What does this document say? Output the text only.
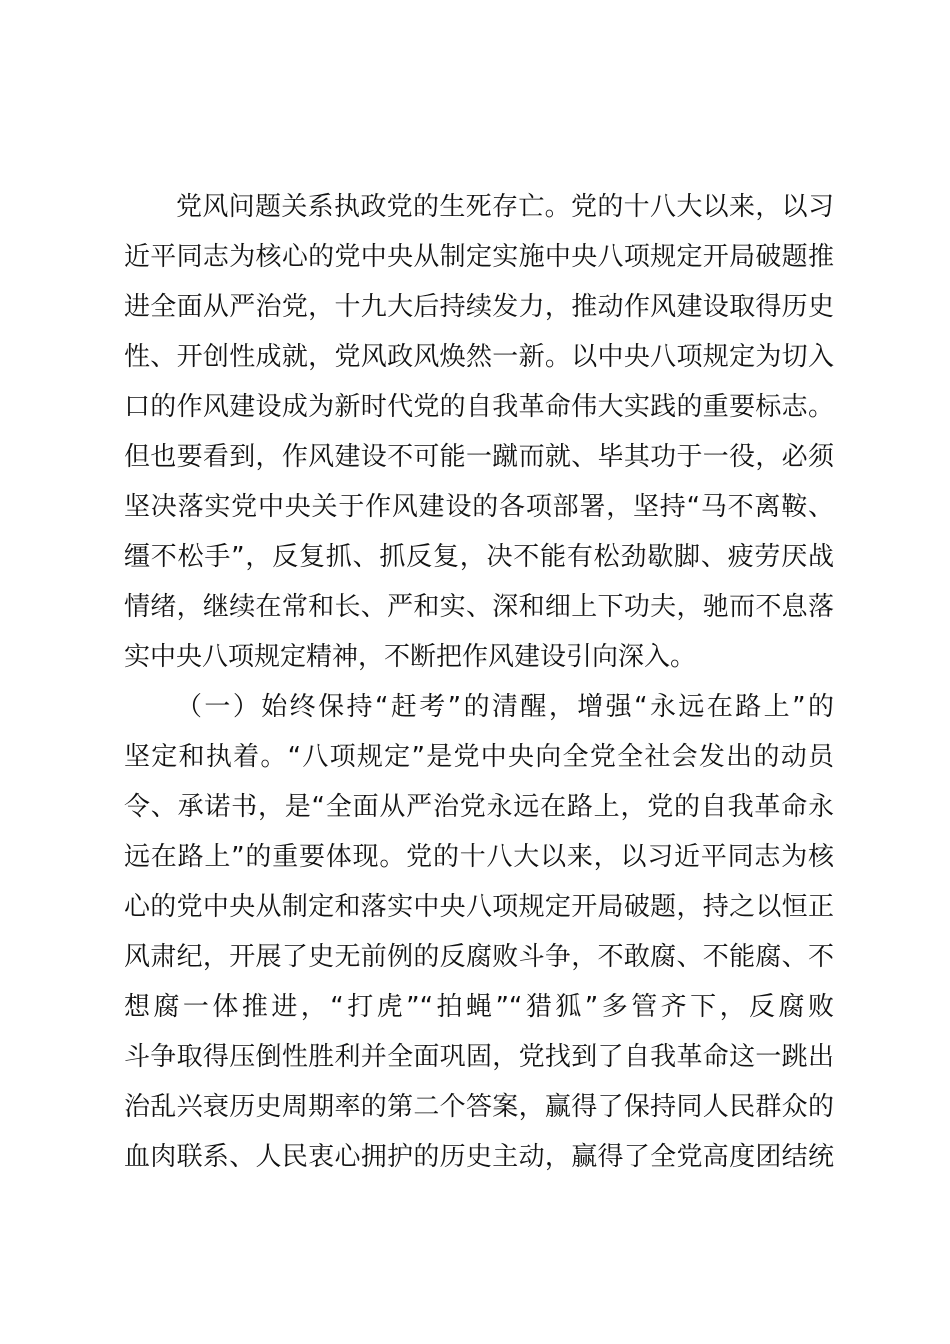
党风问题关系执政党的生死存亡。党的十八大以来，以习
近平同志为核心的党中央从制定实施中央八项规定开局破题推
进全面从严治党，十九大后持续发力，推动作风建设取得历史
性、开创性成就，党风政风焕然一新。以中央八项规定为切入
口的作风建设成为新时代党的自我革命伟大实践的重要标志。
但也要看到，作风建设不可能一蹴而就、毕其功于一役，必须
坚决落实党中央关于作风建设的各项部署，坚持“马不离鞍、
缰不松手”，反复抓、抓反复，决不能有松劲歇脚、疲劳厌战
情绪，继续在常和长、严和实、深和细上下功夫，驰而不息落
实中央八项规定精神，不断把作风建设引向深入。
（一）始终保持“赶考”的清醒，增强“永远在路上”的
坚定和执着。“八项规定”是党中央向全党全社会发出的动员
令、承诺书，是“全面从严治党永远在路上，党的自我革命永
远在路上”的重要体现。党的十八大以来，以习近平同志为核
心的党中央从制定和落实中央八项规定开局破题，持之以恒正
风肃纪，开展了史无前例的反腐败斗争，不敢腐、不能腐、不
想腐一体推进，“打虎”“拍蝇”“猎狐”多管齐下，反腐败
斗争取得压倒性胜利并全面巩固，党找到了自我革命这一跳出
治乱兴衰历史周期率的第二个答案，赢得了保持同人民群众的
血肉联系、人民衷心拥护的历史主动，赢得了全党高度团结统
